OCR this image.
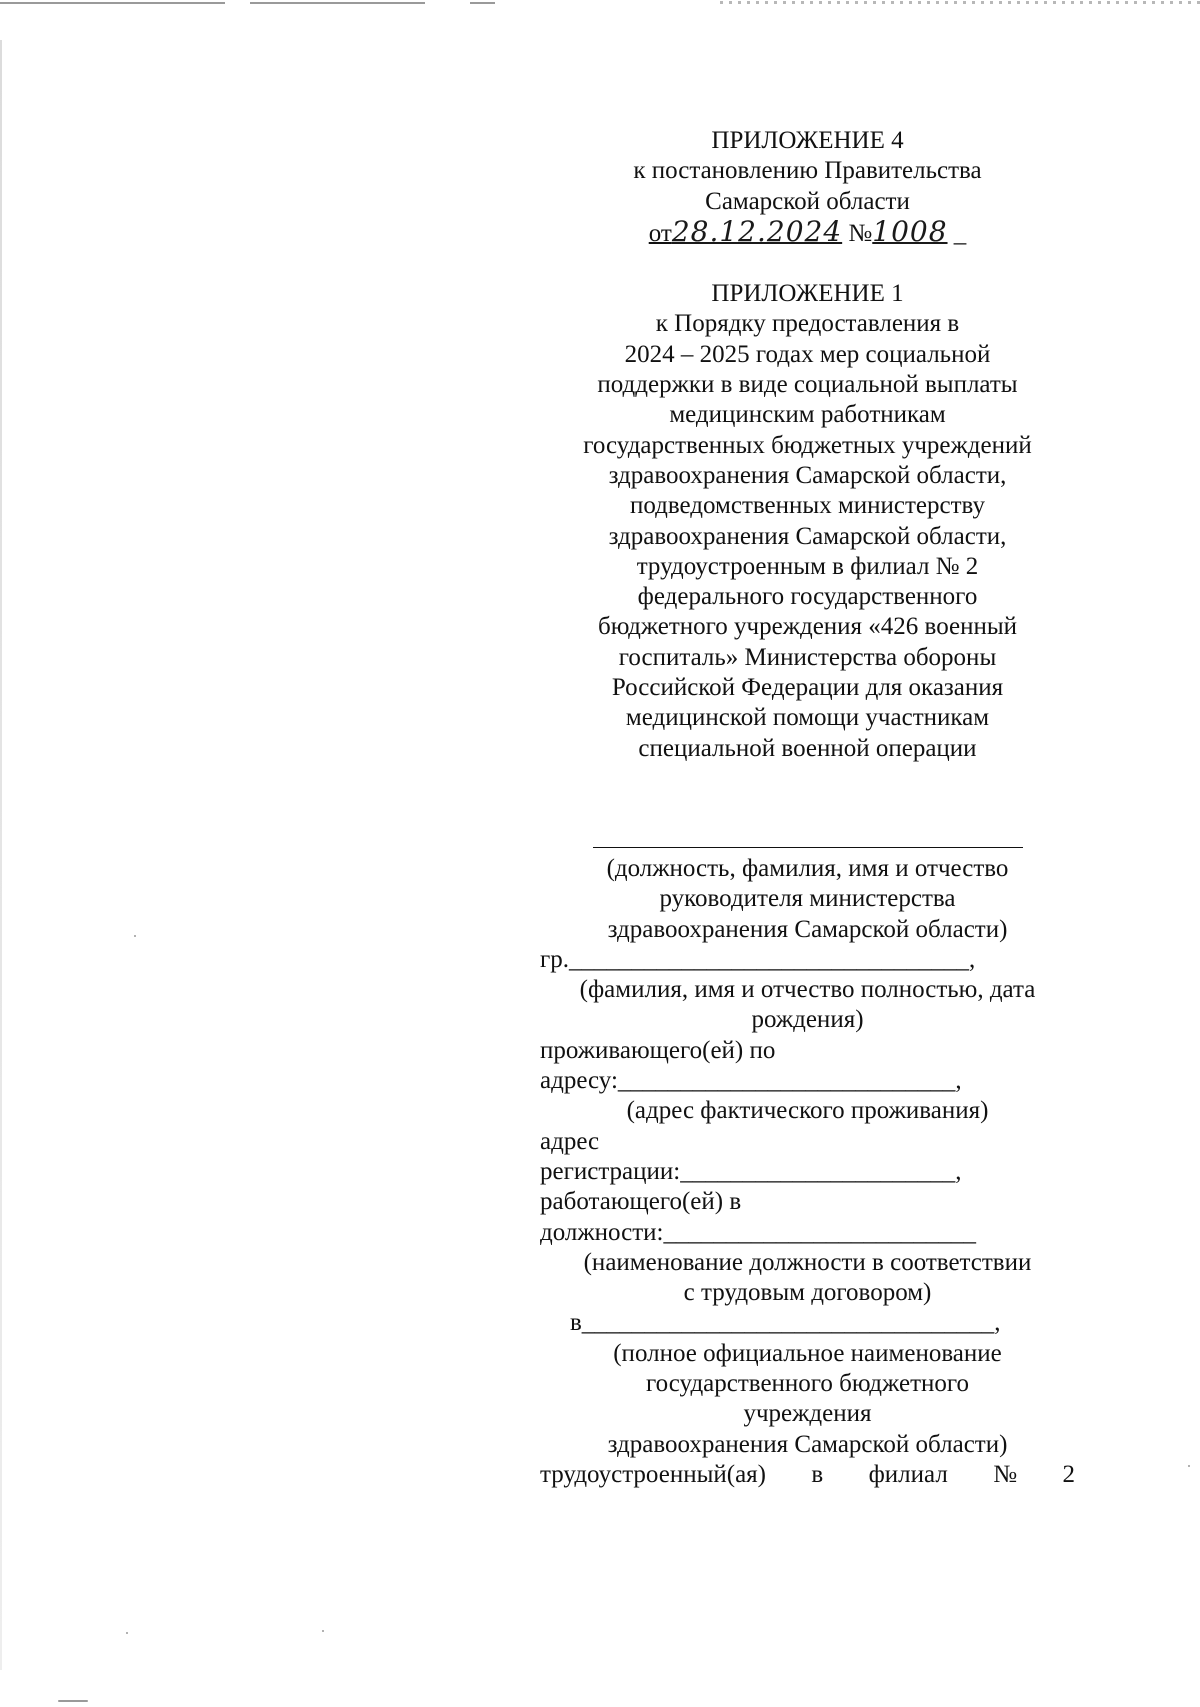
ПРИЛОЖЕНИЕ 4

к постановлению Правительства

Самарской области

от28.12.2024 №1008 _

ПРИЛОЖЕНИЕ 1

к Порядку предоставления в

2024 – 2025 годах мер социальной

поддержки в виде социальной выплаты

медицинским работникам

государственных бюджетных учреждений

здравоохранения Самарской области,

подведомственных министерству

здравоохранения Самарской области,

трудоустроенным в филиал № 2

федерального государственного

бюджетного учреждения «426 военный

госпиталь» Министерства обороны

Российской Федерации для оказания

медицинской помощи участникам

специальной военной операции

(должность, фамилия, имя и отчество

руководителя министерства

здравоохранения Самарской области)

гр.________________________________,

(фамилия, имя и отчество полностью, дата

рождения)

проживающего(ей) по

адресу:___________________________,

(адрес фактического проживания)

адрес

регистрации:______________________,

работающего(ей) в

должности:_________________________

(наименование должности в соответствии

с трудовым договором)

в_________________________________,

(полное официальное наименование

государственного бюджетного

учреждения

здравоохранения Самарской области)

трудоустроенный(ая) в филиал № 2
